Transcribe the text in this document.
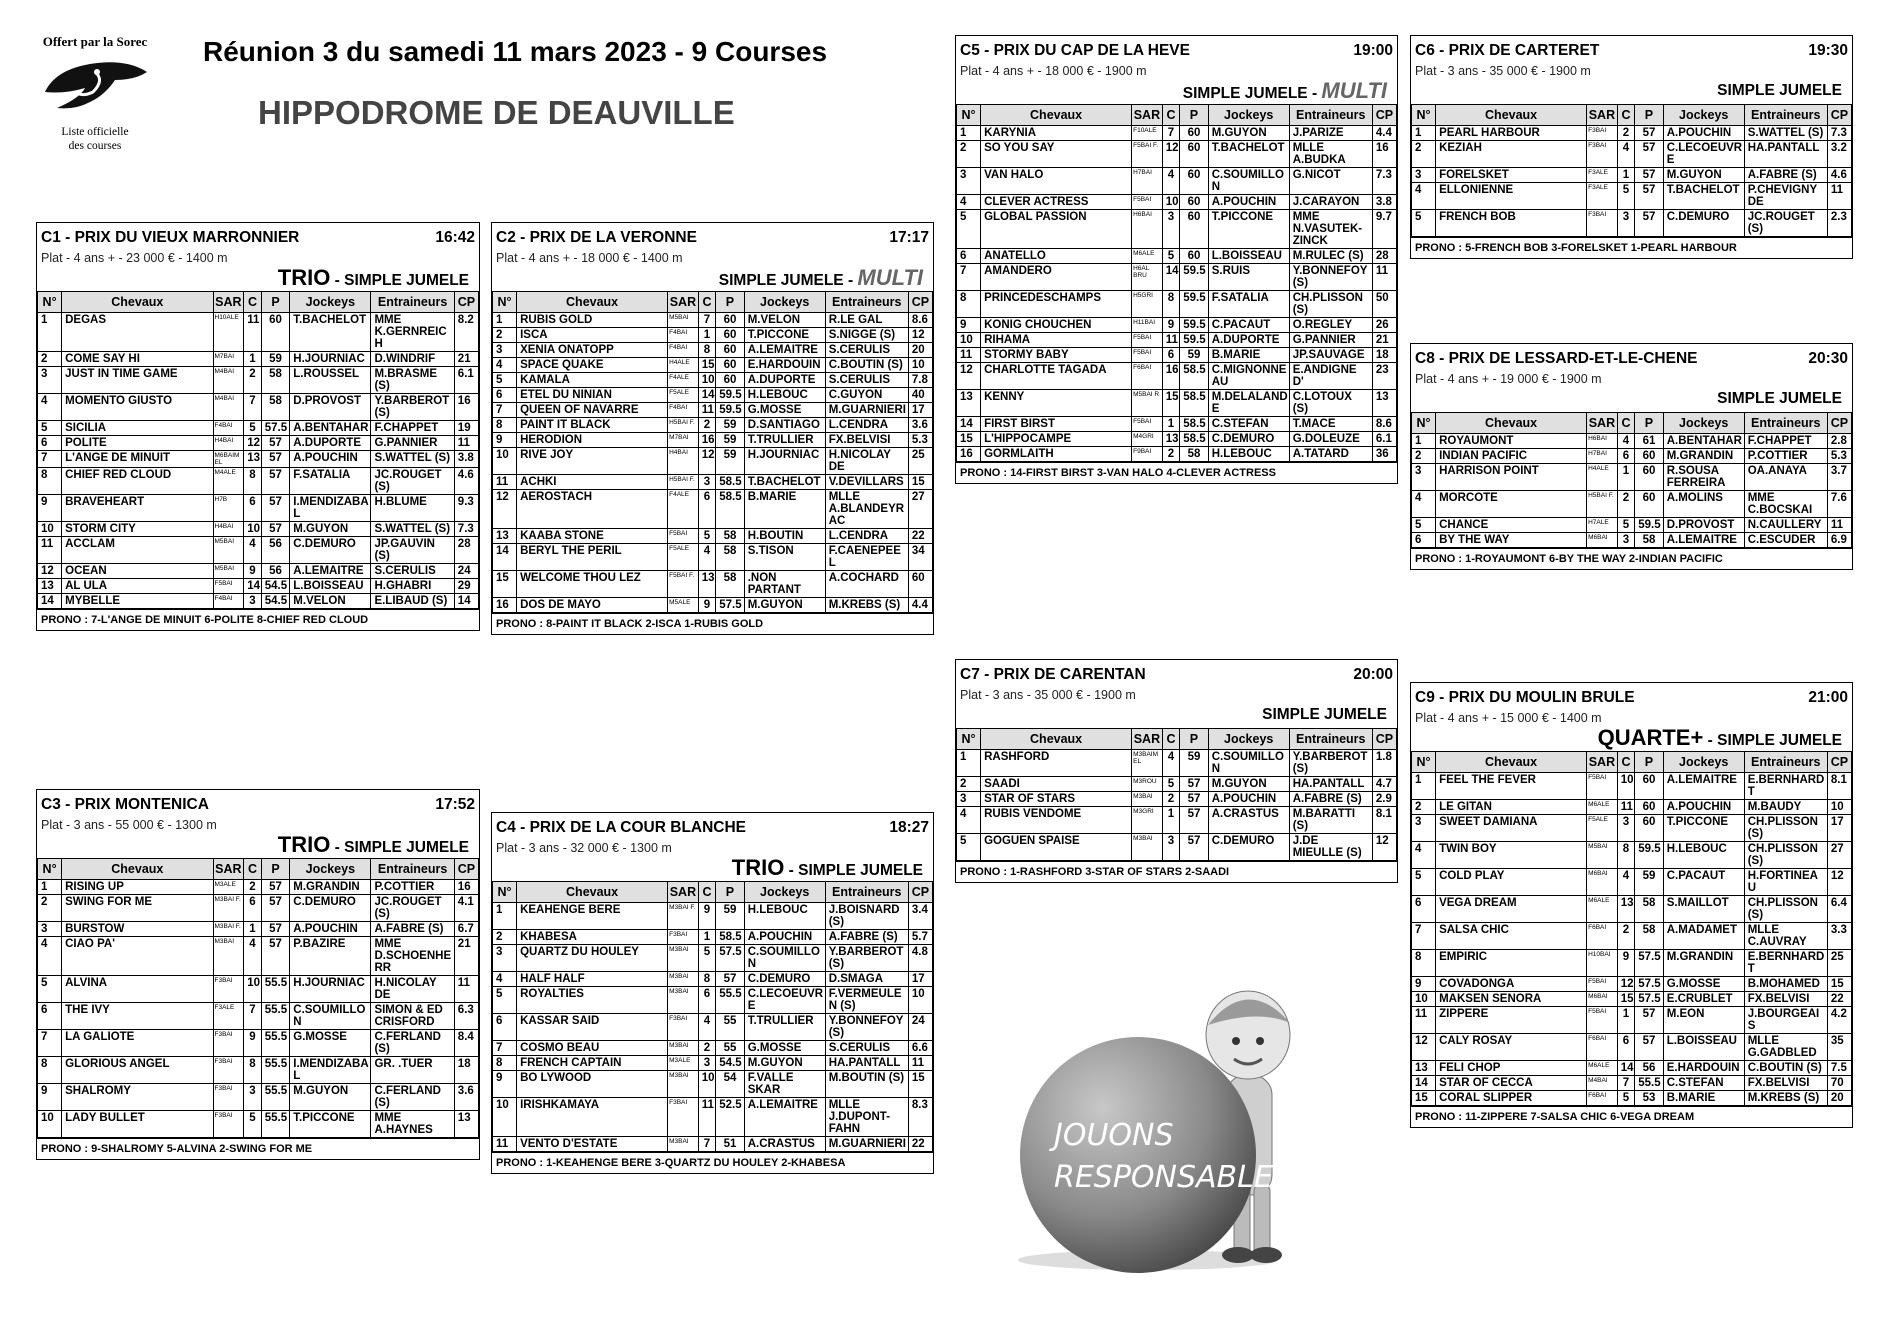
Offert par la Sorec
Liste officielle
des courses
Réunion 3 du samedi 11 mars 2023 - 9 Courses
HIPPODROME DE DEAUVILLE
C1 - PRIX DU VIEUX MARRONNIER	16:42
Plat - 4 ans + - 23 000 € - 1400 m
TRIO - SIMPLE JUMELE
N°	Chevaux	SAR	C	P	Jockeys	Entraineurs	CP
1	DEGAS	H10ALE	11	60	T.BACHELOT	MME K.GERNREIC H	8.2
2	COME SAY HI	M7BAI	1	59	H.JOURNIAC	D.WINDRIF	21
3	JUST IN TIME GAME	M4BAI	2	58	L.ROUSSEL	M.BRASME (S)	6.1
4	MOMENTO GIUSTO	M4BAI	7	58	D.PROVOST	Y.BARBEROT (S)	16
5	SICILIA	F4BAI	5	57.5	A.BENTAHAR	F.CHAPPET	19
6	POLITE	H4BAI	12	57	A.DUPORTE	G.PANNIER	11
7	L'ANGE DE MINUIT	M6BAIM EL	13	57	A.POUCHIN	S.WATTEL (S)	3.8
8	CHIEF RED CLOUD	M4ALE	8	57	F.SATALIA	JC.ROUGET (S)	4.6
9	BRAVEHEART	H7B	6	57	I.MENDIZABA L	H.BLUME	9.3
10	STORM CITY	H4BAI	10	57	M.GUYON	S.WATTEL (S)	7.3
11	ACCLAM	M5BAI	4	56	C.DEMURO	JP.GAUVIN (S)	28
12	OCEAN	M5BAI	9	56	A.LEMAITRE	S.CERULIS	24
13	AL ULA	F5BAI	14	54.5	L.BOISSEAU	H.GHABRI	29
14	MYBELLE	F4BAI	3	54.5	M.VELON	E.LIBAUD (S)	14
PRONO : 7-L'ANGE DE MINUIT 6-POLITE 8-CHIEF RED CLOUD
C3 - PRIX MONTENICA	17:52
Plat - 3 ans - 55 000 € - 1300 m
TRIO - SIMPLE JUMELE
N°	Chevaux	SAR	C	P	Jockeys	Entraineurs	CP
1	RISING UP	M3ALE	2	57	M.GRANDIN	P.COTTIER	16
2	SWING FOR ME	M3BAI F.	6	57	C.DEMURO	JC.ROUGET (S)	4.1
3	BURSTOW	M3BAI F.	1	57	A.POUCHIN	A.FABRE (S)	6.7
4	CIAO PA'	M3BAI	4	57	P.BAZIRE	MME D.SCHOENHE RR	21
5	ALVINA	F3BAI	10	55.5	H.JOURNIAC	H.NICOLAY DE	11
6	THE IVY	F3ALE	7	55.5	C.SOUMILLO N	SIMON & ED CRISFORD	6.3
7	LA GALIOTE	F3BAI	9	55.5	G.MOSSE	C.FERLAND (S)	8.4
8	GLORIOUS ANGEL	F3BAI	8	55.5	I.MENDIZABA L	GR. .TUER	18
9	SHALROMY	F3BAI	3	55.5	M.GUYON	C.FERLAND (S)	3.6
10	LADY BULLET	F3BAI	5	55.5	T.PICCONE	MME A.HAYNES	13
PRONO : 9-SHALROMY 5-ALVINA 2-SWING FOR ME
C2 - PRIX DE LA VERONNE	17:17
Plat - 4 ans + - 18 000 € - 1400 m
SIMPLE JUMELE - MULTI
N°	Chevaux	SAR	C	P	Jockeys	Entraineurs	CP
1	RUBIS GOLD	M5BAI	7	60	M.VELON	R.LE GAL	8.6
2	ISCA	F4BAI	1	60	T.PICCONE	S.NIGGE (S)	12
3	XENIA ONATOPP	F4BAI	8	60	A.LEMAITRE	S.CERULIS	20
4	SPACE QUAKE	H4ALE	15	60	E.HARDOUIN	C.BOUTIN (S)	10
5	KAMALA	F4ALE	10	60	A.DUPORTE	S.CERULIS	7.8
6	ETEL DU NINIAN	F5ALE	14	59.5	H.LEBOUC	C.GUYON	40
7	QUEEN OF NAVARRE	F4BAI	11	59.5	G.MOSSE	M.GUARNIERI	17
8	PAINT IT BLACK	H5BAI F.	2	59	D.SANTIAGO	L.CENDRA	3.6
9	HERODION	M7BAI	16	59	T.TRULLIER	FX.BELVISI	5.3
10	RIVE JOY	H4BAI	12	59	H.JOURNIAC	H.NICOLAY DE	25
11	ACHKI	H5BAI F.	3	58.5	T.BACHELOT	V.DEVILLARS	15
12	AEROSTACH	F4ALE	6	58.5	B.MARIE	MLLE A.BLANDEYR AC	27
13	KAABA STONE	F5BAI	5	58	H.BOUTIN	L.CENDRA	22
14	BERYL THE PERIL	F5ALE	4	58	S.TISON	F.CAENEPEE L	34
15	WELCOME THOU LEZ	F5BAI F.	13	58	.NON PARTANT	A.COCHARD	60
16	DOS DE MAYO	M5ALE	9	57.5	M.GUYON	M.KREBS (S)	4.4
PRONO : 8-PAINT IT BLACK 2-ISCA 1-RUBIS GOLD
C4 - PRIX DE LA COUR BLANCHE	18:27
Plat - 3 ans - 32 000 € - 1300 m
TRIO - SIMPLE JUMELE
N°	Chevaux	SAR	C	P	Jockeys	Entraineurs	CP
1	KEAHENGE BERE	M3BAI F.	9	59	H.LEBOUC	J.BOISNARD (S)	3.4
2	KHABESA	F3BAI	1	58.5	A.POUCHIN	A.FABRE (S)	5.7
3	QUARTZ DU HOULEY	M3BAI	5	57.5	C.SOUMILLO N	Y.BARBEROT (S)	4.8
4	HALF HALF	M3BAI	8	57	C.DEMURO	D.SMAGA	17
5	ROYALTIES	M3BAI	6	55.5	C.LECOEUVR E	F.VERMEULE N (S)	10
6	KASSAR SAID	F3BAI	4	55	T.TRULLIER	Y.BONNEFOY (S)	24
7	COSMO BEAU	M3BAI	2	55	G.MOSSE	S.CERULIS	6.6
8	FRENCH CAPTAIN	M3ALE	3	54.5	M.GUYON	HA.PANTALL	11
9	BO LYWOOD	M3BAI	10	54	F.VALLE SKAR	M.BOUTIN (S)	15
10	IRISHKAMAYA	F3BAI	11	52.5	A.LEMAITRE	MLLE J.DUPONT-FAHN	8.3
11	VENTO D'ESTATE	M3BAI	7	51	A.CRASTUS	M.GUARNIERI	22
PRONO : 1-KEAHENGE BERE 3-QUARTZ DU HOULEY 2-KHABESA
C5 - PRIX DU CAP DE LA HEVE	19:00
Plat - 4 ans + - 18 000 € - 1900 m
SIMPLE JUMELE - MULTI
N°	Chevaux	SAR	C	P	Jockeys	Entraineurs	CP
1	KARYNIA	F10ALE	7	60	M.GUYON	J.PARIZE	4.4
2	SO YOU SAY	F5BAI F.	12	60	T.BACHELOT	MLLE A.BUDKA	16
3	VAN HALO	H7BAI	4	60	C.SOUMILLO N	G.NICOT	7.3
4	CLEVER ACTRESS	F5BAI	10	60	A.POUCHIN	J.CARAYON	3.8
5	GLOBAL PASSION	H6BAI	3	60	T.PICCONE	MME N.VASUTEK-ZINCK	9.7
6	ANATELLO	M6ALE	5	60	L.BOISSEAU	M.RULEC (S)	28
7	AMANDERO	H6AL BRU	14	59.5	S.RUIS	Y.BONNEFOY (S)	11
8	PRINCEDESCHAMPS	H5GRI	8	59.5	F.SATALIA	CH.PLISSON (S)	50
9	KONIG CHOUCHEN	H11BAI	9	59.5	C.PACAUT	O.REGLEY	26
10	RIHAMA	F5BAI	11	59.5	A.DUPORTE	G.PANNIER	21
11	STORMY BABY	F5BAI	6	59	B.MARIE	JP.SAUVAGE	18
12	CHARLOTTE TAGADA	F6BAI	16	58.5	C.MIGNONNE AU	E.ANDIGNE D'	23
13	KENNY	M5BAI R	15	58.5	M.DELALAND E	C.LOTOUX (S)	13
14	FIRST BIRST	F5BAI	1	58.5	C.STEFAN	T.MACE	8.6
15	L'HIPPOCAMPE	M4GRI	13	58.5	C.DEMURO	G.DOLEUZE	6.1
16	GORMLAITH	F9BAI	2	58	H.LEBOUC	A.TATARD	36
PRONO : 14-FIRST BIRST 3-VAN HALO 4-CLEVER ACTRESS
C7 - PRIX DE CARENTAN	20:00
Plat - 3 ans - 35 000 € - 1900 m
SIMPLE JUMELE
N°	Chevaux	SAR	C	P	Jockeys	Entraineurs	CP
1	RASHFORD	M3BAIM EL	4	59	C.SOUMILLO N	Y.BARBEROT (S)	1.8
2	SAADI	M3ROU	5	57	M.GUYON	HA.PANTALL	4.7
3	STAR OF STARS	M3BAI	2	57	A.POUCHIN	A.FABRE (S)	2.9
4	RUBIS VENDOME	M3GRI	1	57	A.CRASTUS	M.BARATTI (S)	8.1
5	GOGUEN SPAISE	M3BAI	3	57	C.DEMURO	J.DE MIEULLE (S)	12
PRONO : 1-RASHFORD 3-STAR OF STARS 2-SAADI
C6 - PRIX DE CARTERET	19:30
Plat - 3 ans - 35 000 € - 1900 m
SIMPLE JUMELE
N°	Chevaux	SAR	C	P	Jockeys	Entraineurs	CP
1	PEARL HARBOUR	F3BAI	2	57	A.POUCHIN	S.WATTEL (S)	7.3
2	KEZIAH	F3BAI	4	57	C.LECOEUVR E	HA.PANTALL	3.2
3	FORELSKET	F3ALE	1	57	M.GUYON	A.FABRE (S)	4.6
4	ELLONIENNE	F3ALE	5	57	T.BACHELOT	P.CHEVIGNY DE	11
5	FRENCH BOB	F3BAI	3	57	C.DEMURO	JC.ROUGET (S)	2.3
PRONO : 5-FRENCH BOB 3-FORELSKET 1-PEARL HARBOUR
C8 - PRIX DE LESSARD-ET-LE-CHENE	20:30
Plat - 4 ans + - 19 000 € - 1900 m
SIMPLE JUMELE
N°	Chevaux	SAR	C	P	Jockeys	Entraineurs	CP
1	ROYAUMONT	H6BAI	4	61	A.BENTAHAR	F.CHAPPET	2.8
2	INDIAN PACIFIC	H7BAI	6	60	M.GRANDIN	P.COTTIER	5.3
3	HARRISON POINT	H4ALE	1	60	R.SOUSA FERREIRA	OA.ANAYA	3.7
4	MORCOTE	H5BAI F.	2	60	A.MOLINS	MME C.BOCSKAI	7.6
5	CHANCE	H7ALE	5	59.5	D.PROVOST	N.CAULLERY	11
6	BY THE WAY	M6BAI	3	58	A.LEMAITRE	C.ESCUDER	6.9
PRONO : 1-ROYAUMONT 6-BY THE WAY 2-INDIAN PACIFIC
C9 - PRIX DU MOULIN BRULE	21:00
Plat - 4 ans + - 15 000 € - 1400 m
QUARTE+ - SIMPLE JUMELE
N°	Chevaux	SAR	C	P	Jockeys	Entraineurs	CP
1	FEEL THE FEVER	F5BAI	10	60	A.LEMAITRE	E.BERNHARD T	8.1
2	LE GITAN	M6ALE	11	60	A.POUCHIN	M.BAUDY	10
3	SWEET DAMIANA	F5ALE	3	60	T.PICCONE	CH.PLISSON (S)	17
4	TWIN BOY	M5BAI	8	59.5	H.LEBOUC	CH.PLISSON (S)	27
5	COLD PLAY	M6BAI	4	59	C.PACAUT	H.FORTINEA U	12
6	VEGA DREAM	M6ALE	13	58	S.MAILLOT	CH.PLISSON (S)	6.4
7	SALSA CHIC	F6BAI	2	58	A.MADAMET	MLLE C.AUVRAY	3.3
8	EMPIRIC	H10BAI	9	57.5	M.GRANDIN	E.BERNHARD T	25
9	COVADONGA	F5BAI	12	57.5	G.MOSSE	B.MOHAMED	15
10	MAKSEN SENORA	M6BAI	15	57.5	E.CRUBLET	FX.BELVISI	22
11	ZIPPERE	F5BAI	1	57	M.EON	J.BOURGEAI S	4.2
12	CALY ROSAY	F6BAI	6	57	L.BOISSEAU	MLLE G.GADBLED	35
13	FELI CHOP	M6ALE	14	56	E.HARDOUIN	C.BOUTIN (S)	7.5
14	STAR OF CECCA	M4BAI	7	55.5	C.STEFAN	FX.BELVISI	70
15	CORAL SLIPPER	F6BAI	5	53	B.MARIE	M.KREBS (S)	20
PRONO : 11-ZIPPERE 7-SALSA CHIC 6-VEGA DREAM
JOUONS
RESPONSABLE
